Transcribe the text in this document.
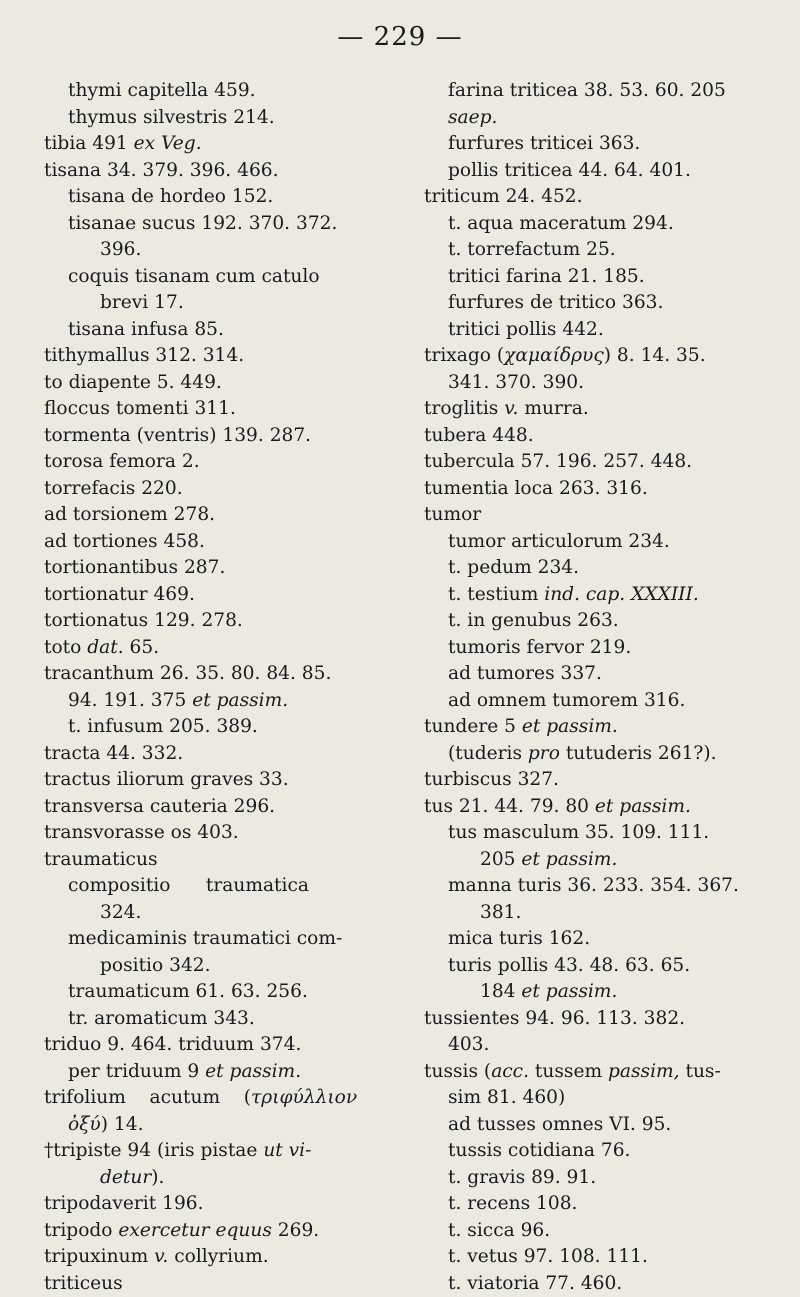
— 229 —
thymi capitella 459.
thymus silvestris 214.
tibia 491 ex Veg.
tisana 34. 379. 396. 466.
tisana de hordeo 152.
tisanae sucus 192. 370. 372.
396.
coquis tisanam cum catulo
brevi 17.
tisana infusa 85.
tithymallus 312. 314.
to diapente 5. 449.
floccus tomenti 311.
tormenta (ventris) 139. 287.
torosa femora 2.
torrefacis 220.
ad torsionem 278.
ad tortiones 458.
tortionantibus 287.
tortionatur 469.
tortionatus 129. 278.
toto dat. 65.
tracanthum 26. 35. 80. 84. 85.
94. 191. 375 et passim.
t. infusum 205. 389.
tracta 44. 332.
tractus iliorum graves 33.
transversa cauteria 296.
transvorasse os 403.
traumaticus
compositio      traumatica
324.
medicaminis traumatici com-
positio 342.
traumaticum 61. 63. 256.
tr. aromaticum 343.
triduo 9. 464. triduum 374.
per triduum 9 et passim.
trifolium    acutum    (τριφύλλιον
ὀξύ) 14.
†tripiste 94 (iris pistae ut vi-
detur).
tripodaverit 196.
tripodo exercetur equus 269.
tripuxinum v. collyrium.
triticeus
farina triticea 38. 53. 60. 205
saep.
furfures triticei 363.
pollis triticea 44. 64. 401.
triticum 24. 452.
t. aqua maceratum 294.
t. torrefactum 25.
tritici farina 21. 185.
furfures de tritico 363.
tritici pollis 442.
trixago (χαμαίδρυς) 8. 14. 35.
341. 370. 390.
troglitis v. murra.
tubera 448.
tubercula 57. 196. 257. 448.
tumentia loca 263. 316.
tumor
tumor articulorum 234.
t. pedum 234.
t. testium ind. cap. XXXIII.
t. in genubus 263.
tumoris fervor 219.
ad tumores 337.
ad omnem tumorem 316.
tundere 5 et passim.
(tuderis pro tutuderis 261?).
turbiscus 327.
tus 21. 44. 79. 80 et passim.
tus masculum 35. 109. 111.
205 et passim.
manna turis 36. 233. 354. 367.
381.
mica turis 162.
turis pollis 43. 48. 63. 65.
184 et passim.
tussientes 94. 96. 113. 382.
403.
tussis (acc. tussem passim, tus-
sim 81. 460)
ad tusses omnes VI. 95.
tussis cotidiana 76.
t. gravis 89. 91.
t. recens 108.
t. sicca 96.
t. vetus 97. 108. 111.
t. viatoria 77. 460.
